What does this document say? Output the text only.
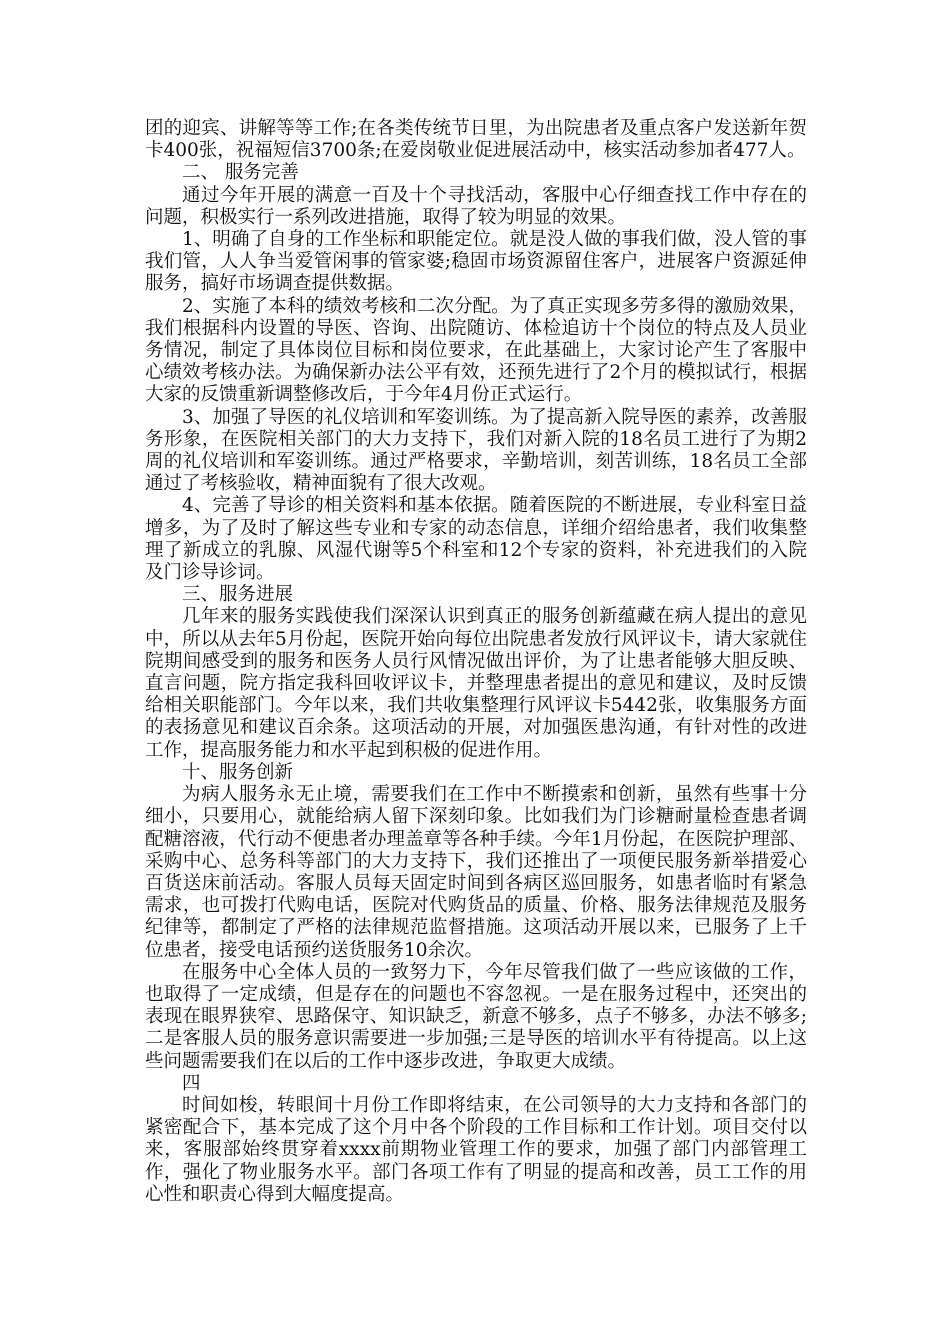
团的迎宾、讲解等等工作;在各类传统节日里，为出院患者及重点客户发送新年贺卡400张，祝福短信3700条;在爱岗敬业促进展活动中，核实活动参加者477人。

二、 服务完善

通过今年开展的满意一百及十个寻找活动，客服中心仔细查找工作中存在的问题，积极实行一系列改进措施，取得了较为明显的效果。

1、明确了自身的工作坐标和职能定位。就是没人做的事我们做，没人管的事我们管，人人争当爱管闲事的管家婆;稳固市场资源留住客户，进展客户资源延伸服务，搞好市场调查提供数据。

2、实施了本科的绩效考核和二次分配。为了真正实现多劳多得的激励效果，我们根据科内设置的导医、咨询、出院随访、体检追访十个岗位的特点及人员业务情况，制定了具体岗位目标和岗位要求，在此基础上，大家讨论产生了客服中心绩效考核办法。为确保新办法公平有效，还预先进行了2个月的模拟试行，根据大家的反馈重新调整修改后，于今年4月份正式运行。

3、加强了导医的礼仪培训和军姿训练。为了提高新入院导医的素养，改善服务形象，在医院相关部门的大力支持下，我们对新入院的18名员工进行了为期2周的礼仪培训和军姿训练。通过严格要求，辛勤培训，刻苦训练，18名员工全部通过了考核验收，精神面貌有了很大改观。

4、完善了导诊的相关资料和基本依据。随着医院的不断进展，专业科室日益增多，为了及时了解这些专业和专家的动态信息，详细介绍给患者，我们收集整理了新成立的乳腺、风湿代谢等5个科室和12个专家的资料，补充进我们的入院及门诊导诊词。

三、服务进展

几年来的服务实践使我们深深认识到真正的服务创新蕴藏在病人提出的意见中，所以从去年5月份起，医院开始向每位出院患者发放行风评议卡，请大家就住院期间感受到的服务和医务人员行风情况做出评价，为了让患者能够大胆反映、直言问题，院方指定我科回收评议卡，并整理患者提出的意见和建议，及时反馈给相关职能部门。今年以来，我们共收集整理行风评议卡5442张，收集服务方面的表扬意见和建议百余条。这项活动的开展，对加强医患沟通，有针对性的改进工作，提高服务能力和水平起到积极的促进作用。

十、服务创新

为病人服务永无止境，需要我们在工作中不断摸索和创新，虽然有些事十分细小，只要用心，就能给病人留下深刻印象。比如我们为门诊糖耐量检查患者调配糖溶液，代行动不便患者办理盖章等各种手续。今年1月份起，在医院护理部、采购中心、总务科等部门的大力支持下，我们还推出了一项便民服务新举措爱心百货送床前活动。客服人员每天固定时间到各病区巡回服务，如患者临时有紧急需求，也可拨打代购电话，医院对代购货品的质量、价格、服务法律规范及服务纪律等，都制定了严格的法律规范监督措施。这项活动开展以来，已服务了上千位患者，接受电话预约送货服务10余次。

在服务中心全体人员的一致努力下，今年尽管我们做了一些应该做的工作，也取得了一定成绩，但是存在的问题也不容忽视。一是在服务过程中，还突出的表现在眼界狭窄、思路保守、知识缺乏，新意不够多，点子不够多，办法不够多;二是客服人员的服务意识需要进一步加强;三是导医的培训水平有待提高。以上这些问题需要我们在以后的工作中逐步改进，争取更大成绩。

四

时间如梭，转眼间十月份工作即将结束，在公司领导的大力支持和各部门的紧密配合下，基本完成了这个月中各个阶段的工作目标和工作计划。项目交付以来，客服部始终贯穿着xxxx前期物业管理工作的要求，加强了部门内部管理工作，强化了物业服务水平。部门各项工作有了明显的提高和改善，员工工作的用心性和职责心得到大幅度提高。
